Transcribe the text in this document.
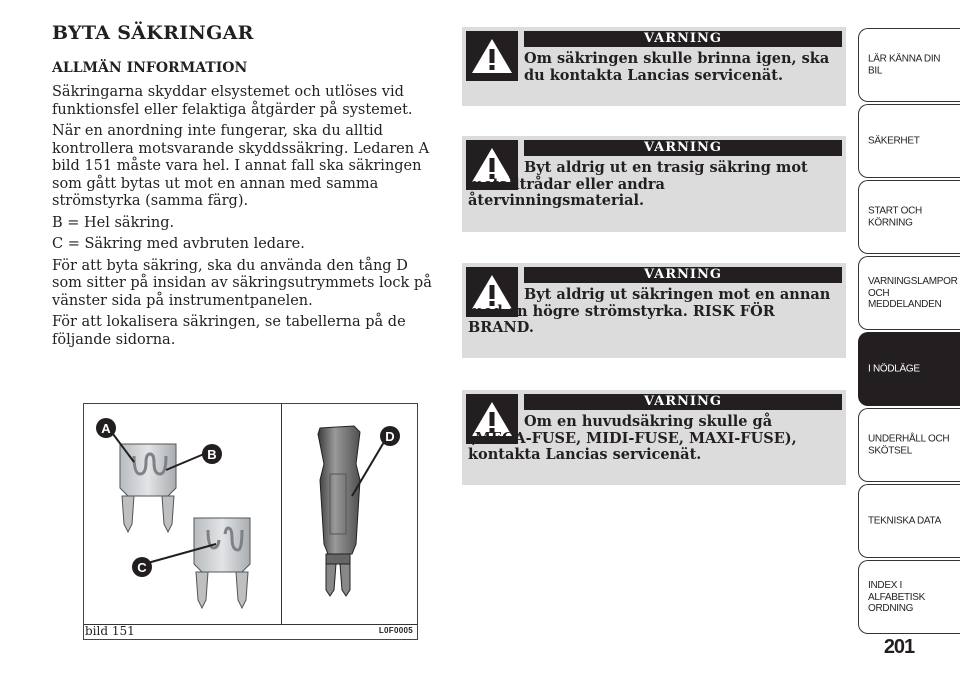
BYTA SÄKRINGAR
ALLMÄN INFORMATION

Säkringarna skyddar elsystemet och utlöses vid funktionsfel eller felaktiga åtgärder på systemet.

När en anordning inte fungerar, ska du alltid kontrollera motsvarande skyddssäkring. Ledaren A bild 151 måste vara hel. I annat fall ska säkringen som gått bytas ut mot en annan med samma strömstyrka (samma färg).

B = Hel säkring.

C = Säkring med avbruten ledare.

För att byta säkring, ska du använda den tång D som sitter på insidan av säkringsutrymmets lock på vänster sida på instrumentpanelen.

För att lokalisera säkringen, se tabellerna på de följande sidorna.

A
B
C
D
bild 151	L0F0005
VARNING
Om säkringen skulle brinna igen, ska du kontakta Lancias servicenät.
VARNING
Byt aldrig ut en trasig säkring mot metalltrådar eller andra återvinningsmaterial.
VARNING
Byt aldrig ut säkringen mot en annan med en högre strömstyrka. RISK FÖR BRAND.
VARNING
Om en huvudsäkring skulle gå (MEGA-FUSE, MIDI-FUSE, MAXI-FUSE), kontakta Lancias servicenät.
LÄR KÄNNA DIN BIL
SÄKERHET
START OCH KÖRNING
VARNINGSLAMPOR OCH MEDDELANDEN
I NÖDLÄGE
UNDERHÅLL OCH SKÖTSEL
TEKNISKA DATA
INDEX I ALFABETISK ORDNING
201
